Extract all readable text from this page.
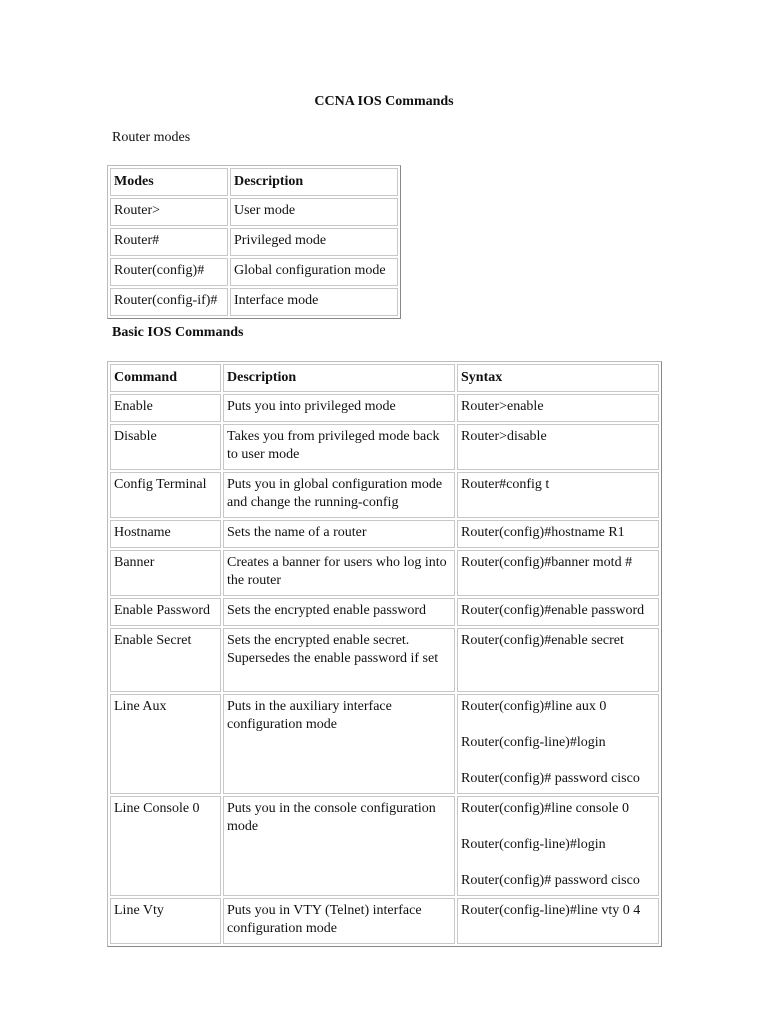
CCNA IOS Commands
Router modes
Modes	Description
Router>	User mode
Router#	Privileged mode
Router(config)#	Global configuration mode
Router(config-if)#	Interface mode
Basic IOS Commands
Command	Description	Syntax
Enable	Puts you into privileged mode	Router>enable

Disable	Takes you from privileged mode back to user mode	Router>disable

Config Terminal	Puts you in global configuration mode and change the running-config	Router#config t

Hostname	Sets the name of a router	Router(config)#hostname R1

Banner	Creates a banner for users who log into the router	Router(config)#banner motd #

Enable Password	Sets the encrypted enable password	Router(config)#enable password

Enable Secret	Sets the encrypted enable secret. Supersedes the enable password if set	Router(config)#enable secret

Line Aux	Puts in the auxiliary interface configuration mode	Router(config)#line aux 0

Router(config-line)#login

Router(config)# password cisco

Line Console 0	Puts you in the console configuration mode	Router(config)#line console 0

Router(config-line)#login

Router(config)# password cisco

Line Vty	Puts you in VTY (Telnet) interface configuration mode	Router(config-line)#line vty 0 4
